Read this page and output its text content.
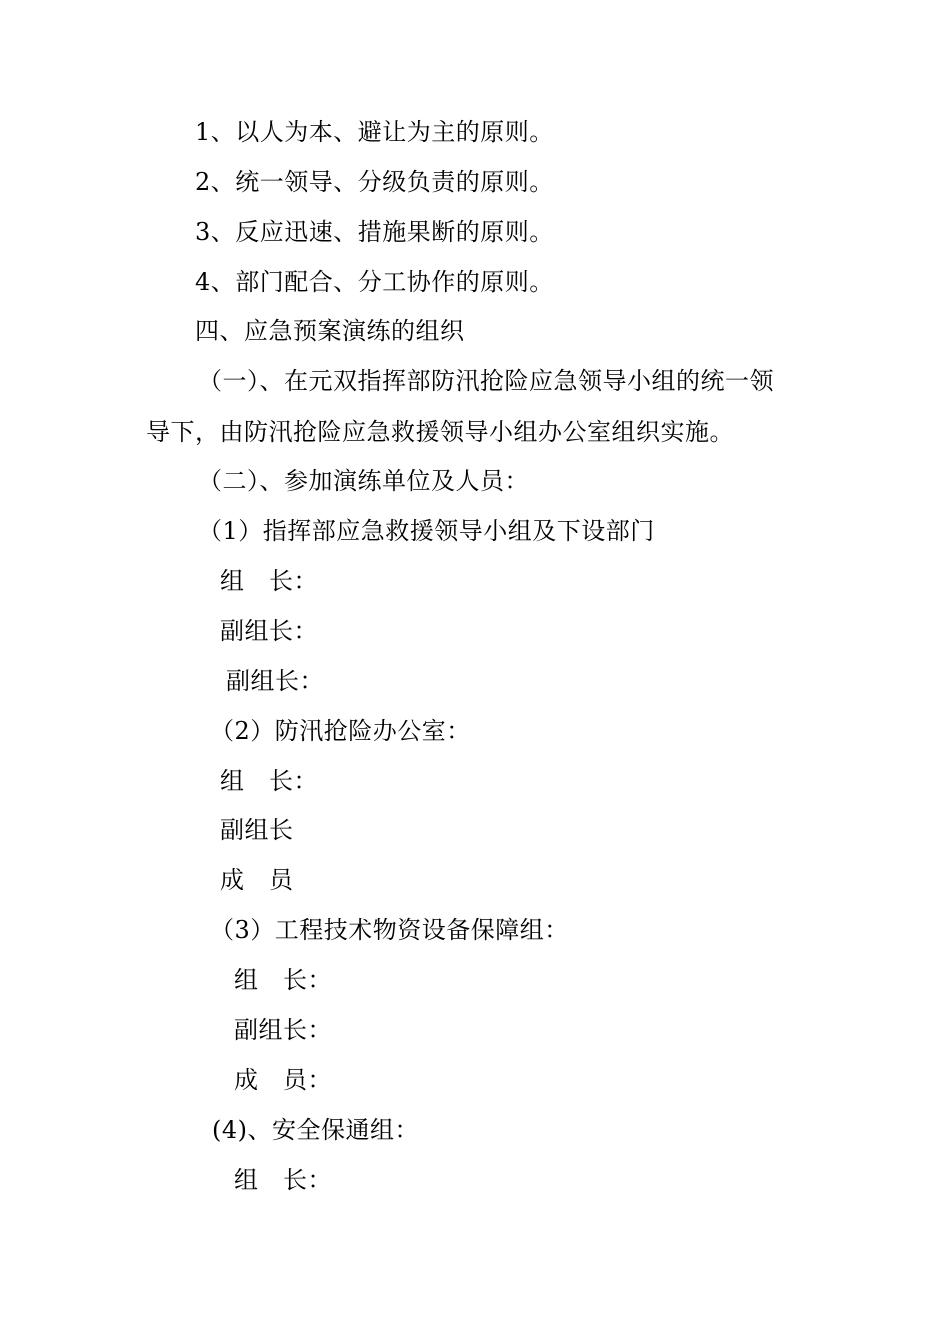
1、以人为本、避让为主的原则。
2、统一领导、分级负责的原则。
3、反应迅速、措施果断的原则。
4、部门配合、分工协作的原则。
四、应急预案演练的组织
（一）、在元双指挥部防汛抢险应急领导小组的统一领
导下，由防汛抢险应急救援领导小组办公室组织实施。
（二）、参加演练单位及人员：
（1）指挥部应急救援领导小组及下设部门
组　长：
副组长：
副组长：
（2）防汛抢险办公室：
组　长：
副组长
成　员
（3）工程技术物资设备保障组：
组　长：
副组长：
成　员：
(4)、安全保通组：
组　长：
